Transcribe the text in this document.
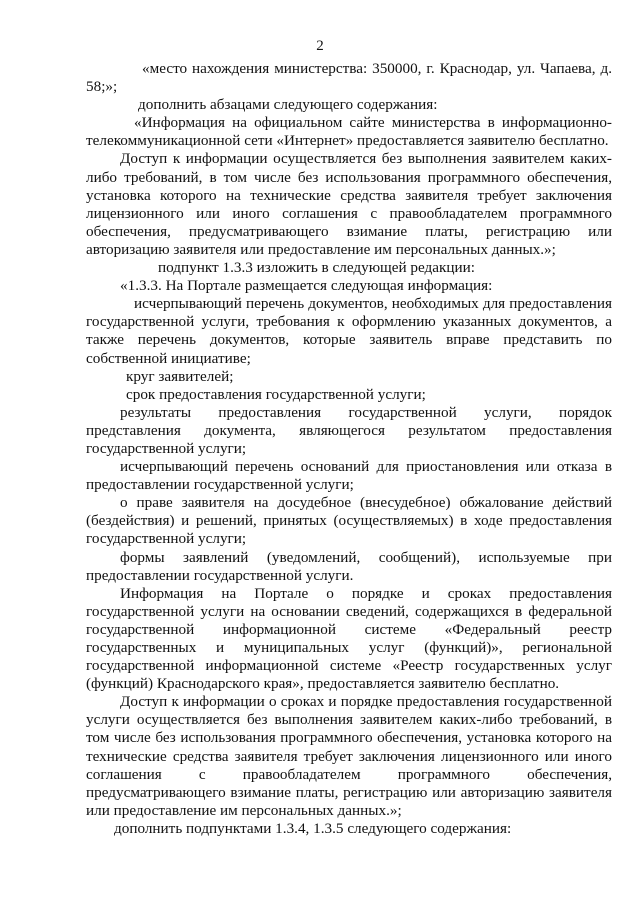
2

«место нахождения министерства: 350000, г. Краснодар, ул. Чапаева, д. 58;»;

дополнить абзацами следующего содержания:

«Информация на официальном сайте министерства в информационно-телекоммуникационной сети «Интернет» предоставляется заявителю бесплатно.

Доступ к информации осуществляется без выполнения заявителем каких-либо требований, в том числе без использования программного обеспечения, установка которого на технические средства заявителя требует заключения лицензионного или иного соглашения с правообладателем программного обеспечения, предусматривающего взимание платы, регистрацию или авторизацию заявителя или предоставление им персональных данных.»;

подпункт 1.3.3 изложить в следующей редакции:

«1.3.3. На Портале размещается следующая информация:

исчерпывающий перечень документов, необходимых для предоставления государственной услуги, требования к оформлению указанных документов, а также перечень документов, которые заявитель вправе представить по собственной инициативе;

круг заявителей;

срок предоставления государственной услуги;

результаты предоставления государственной услуги, порядок представления документа, являющегося результатом предоставления государственной услуги;

исчерпывающий перечень оснований для приостановления или отказа в предоставлении государственной услуги;

о праве заявителя на досудебное (внесудебное) обжалование действий (бездействия) и решений, принятых (осуществляемых) в ходе предоставления государственной услуги;

формы заявлений (уведомлений, сообщений), используемые при предоставлении государственной услуги.

Информация на Портале о порядке и сроках предоставления государственной услуги на основании сведений, содержащихся в федеральной государственной информационной системе «Федеральный реестр государственных и муниципальных услуг (функций)», региональной государственной информационной системе «Реестр государственных услуг (функций) Краснодарского края», предоставляется заявителю бесплатно.

Доступ к информации о сроках и порядке предоставления государственной услуги осуществляется без выполнения заявителем каких-либо требований, в том числе без использования программного обеспечения, установка которого на технические средства заявителя требует заключения лицензионного или иного соглашения с правообладателем программного обеспечения, предусматривающего взимание платы, регистрацию или авторизацию заявителя или предоставление им персональных данных.»;

дополнить подпунктами 1.3.4, 1.3.5 следующего содержания:
